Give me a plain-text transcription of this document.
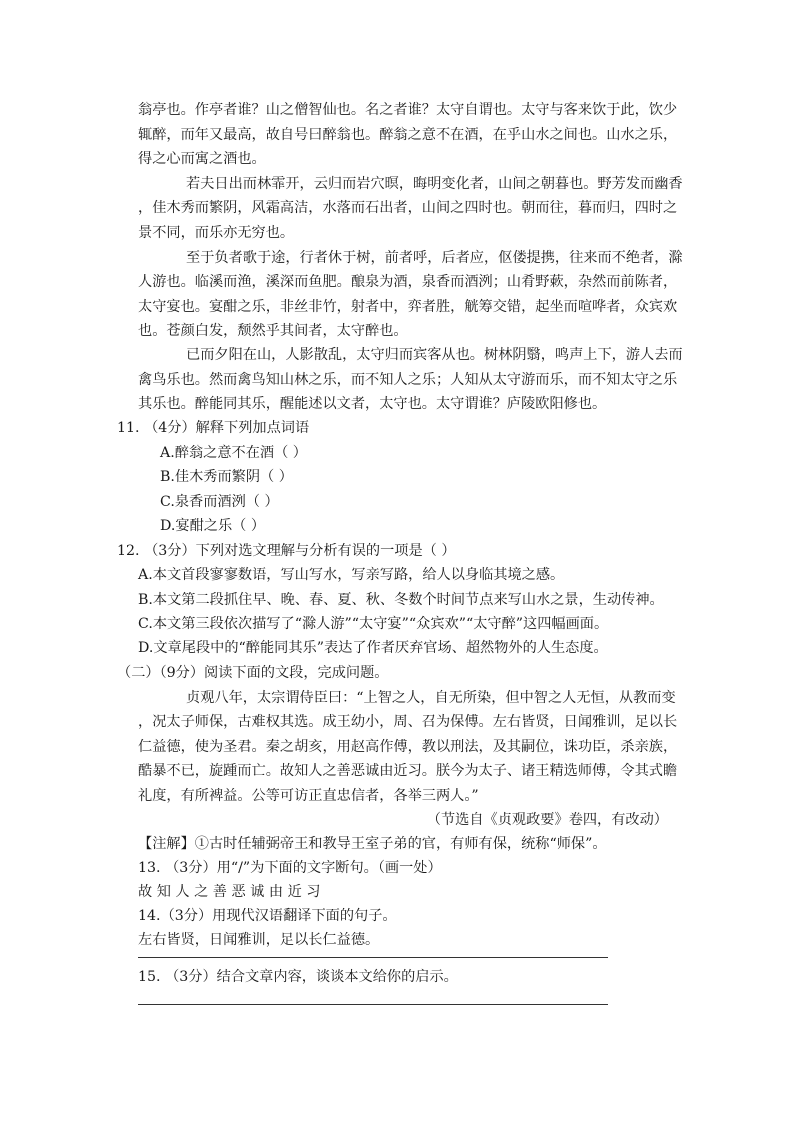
翁亭也。作亭者谁？山之僧智仙也。名之者谁？太守自谓也。太守与客来饮于此，饮少
辄醉，而年又最高，故自号曰醉翁也。醉翁之意不在酒，在乎山水之间也。山水之乐，
得之心而寓之酒也。
若夫日出而林霏开，云归而岩穴暝，晦明变化者，山间之朝暮也。野芳发而幽香
，佳木秀而繁阴，风霜高洁，水落而石出者，山间之四时也。朝而往，暮而归，四时之
景不同，而乐亦无穷也。
至于负者歌于途，行者休于树，前者呼，后者应，伛偻提携，往来而不绝者，滁
人游也。临溪而渔，溪深而鱼肥。酿泉为酒，泉香而酒洌；山肴野蔌，杂然而前陈者，
太守宴也。宴酣之乐，非丝非竹，射者中，弈者胜，觥筹交错，起坐而喧哗者，众宾欢
也。苍颜白发，颓然乎其间者，太守醉也。
已而夕阳在山，人影散乱，太守归而宾客从也。树林阴翳，鸣声上下，游人去而
禽鸟乐也。然而禽鸟知山林之乐，而不知人之乐；人知从太守游而乐，而不知太守之乐
其乐也。醉能同其乐，醒能述以文者，太守也。太守谓谁？庐陵欧阳修也。
11. （4分）解释下列加点词语
A.醉翁之意不在酒（ ）
B.佳木秀而繁阴（ ）
C.泉香而酒洌（ ）
D.宴酣之乐（ ）
12. （3分）下列对选文理解与分析有误的一项是（ ）
A.本文首段寥寥数语，写山写水，写亲写路，给人以身临其境之感。
B.本文第二段抓住早、晚、春、夏、秋、冬数个时间节点来写山水之景，生动传神。
C.本文第三段依次描写了“滁人游”“太守宴”“众宾欢”“太守醉”这四幅画面。
D.文章尾段中的“醉能同其乐”表达了作者厌弃官场、超然物外的人生态度。
（二）（9分）阅读下面的文段，完成问题。
贞观八年，太宗谓侍臣曰：“上智之人，自无所染，但中智之人无恒，从教而变
，况太子师保，古难权其选。成王幼小，周、召为保傅。左右皆贤，日闻雅训，足以长
仁益德，使为圣君。秦之胡亥，用赵高作傅，教以刑法，及其嗣位，诛功臣，杀亲族，
酷暴不已，旋踵而亡。故知人之善恶诚由近习。朕今为太子、诸王精选师傅，令其式瞻
礼度，有所裨益。公等可访正直忠信者，各举三两人。”
（节选自《贞观政要》卷四，有改动）
【注解】①古时任辅弼帝王和教导王室子弟的官，有师有保，统称“师保”。
13. （3分）用“/”为下面的文字断句。（画一处）
故 知 人 之 善 恶 诚 由 近 习
14.（3分）用现代汉语翻译下面的句子。
左右皆贤，日闻雅训，足以长仁益德。
15. （3分）结合文章内容，谈谈本文给你的启示。
